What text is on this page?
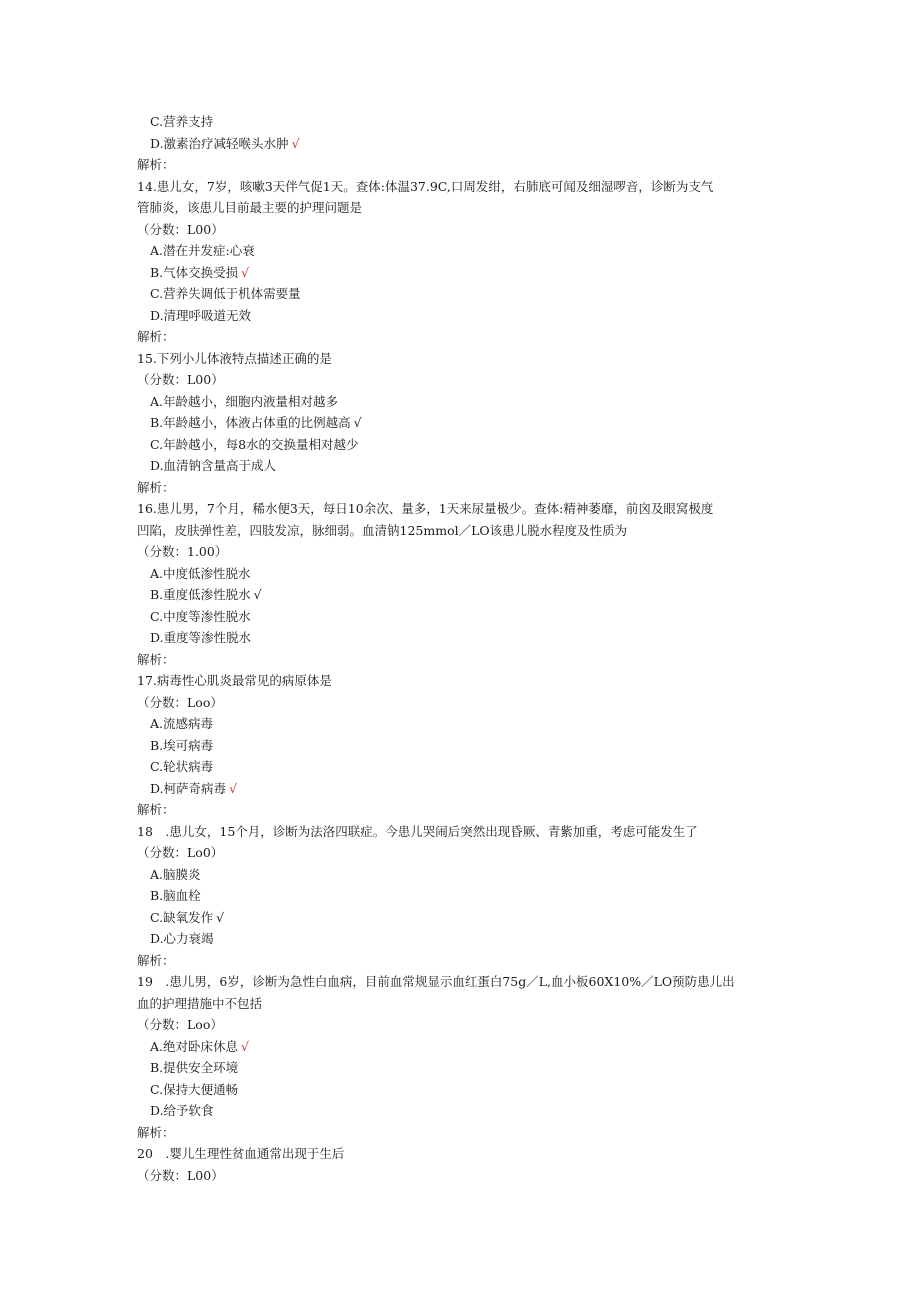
C.营养支持
D.激素治疗减轻喉头水肿 √
解析：
14.患儿女，7岁，咳嗽3天伴气促1天。查体:体温37.9C,口周发绀，右肺底可闻及细湿啰音，诊断为支气
管肺炎，该患儿目前最主要的护理问题是
（分数：L00）
A.潜在并发症:心衰
B.气体交换受损 √
C.营养失调低于机体需要量
D.清理呼吸道无效
解析：
15.下列小儿体液特点描述正确的是
（分数：L00）
A.年龄越小，细胞内液量相对越多
B.年龄越小，体液占体重的比例越高 √
C.年龄越小，每8水的交换量相对越少
D.血清钠含量高于成人
解析：
16.患儿男，7个月，稀水便3天，每日10余次、量多，1天来尿量极少。查体:精神萎靡，前囟及眼窝极度
凹陷，皮肤弹性差，四肢发凉，脉细弱。血清钠125mmol／LO该患儿脱水程度及性质为
（分数：1.00）
A.中度低渗性脱水
B.重度低渗性脱水 √
C.中度等渗性脱水
D.重度等渗性脱水
解析：
17.病毒性心肌炎最常见的病原体是
（分数：Loo）
A.流感病毒
B.埃可病毒
C.轮状病毒
D.柯萨奇病毒 √
解析：
18　.患儿女，15个月，诊断为法洛四联症。今患儿哭闹后突然出现昏厥、青紫加重，考虑可能发生了
（分数：Lo0）
A.脑膜炎
B.脑血栓
C.缺氧发作 √
D.心力衰竭
解析：
19　.患儿男，6岁，诊断为急性白血病，目前血常规显示血红蛋白75g／L,血小板60X10%／LO预防患儿出
血的护理措施中不包括
（分数：Loo）
A.绝对卧床休息 √
B.提供安全环境
C.保持大便通畅
D.给予软食
解析：
20　.婴儿生理性贫血通常出现于生后
（分数：L00）
